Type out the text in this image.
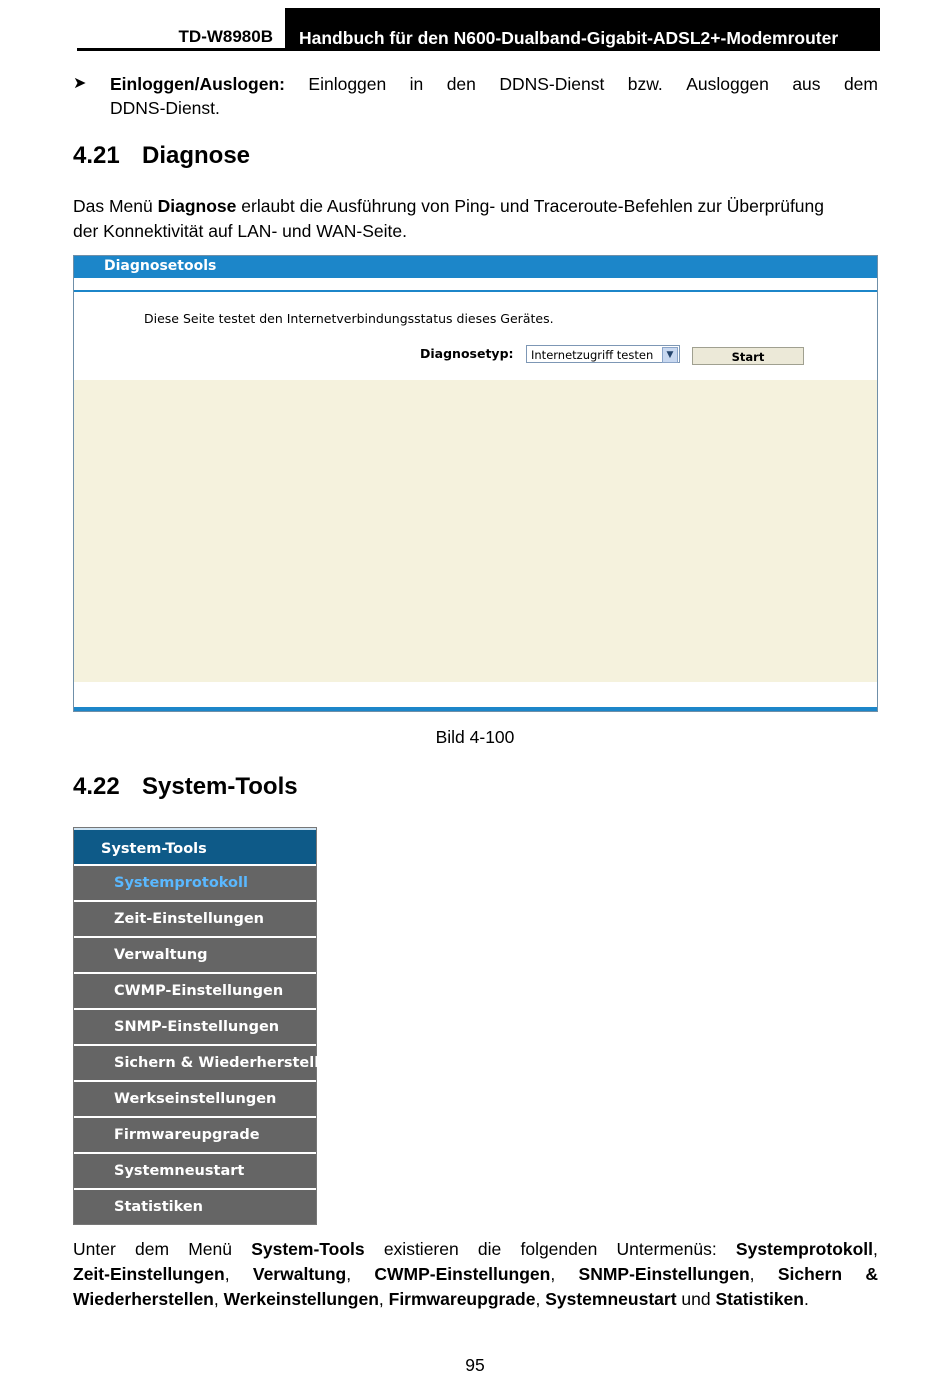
TD-W8980B Handbuch für den N600-Dualband-Gigabit-ADSL2+-Modemrouter
➤ Einloggen/Auslogen: Einloggen in den DDNS-Dienst bzw. Ausloggen aus dem
DDNS-Dienst.
4.21 Diagnose
Das Menü Diagnose erlaubt die Ausführung von Ping- und Traceroute-Befehlen zur Überprüfung
der Konnektivität auf LAN- und WAN-Seite.
Diagnosetools
Diese Seite testet den Internetverbindungsstatus dieses Gerätes.
Diagnosetyp:	Internetzugriff testen	▼	Start
Bild 4-100
4.22 System-Tools
System-Tools
Systemprotokoll
Zeit-Einstellungen
Verwaltung
CWMP-Einstellungen
SNMP-Einstellungen
Sichern & Wiederherstellen
Werkseinstellungen
Firmwareupgrade
Systemneustart
Statistiken
Unter dem Menü System-Tools existieren die folgenden Untermenüs: Systemprotokoll,
Zeit-Einstellungen, Verwaltung, CWMP-Einstellungen, SNMP-Einstellungen, Sichern &
Wiederherstellen, Werkeinstellungen, Firmwareupgrade, Systemneustart und Statistiken.
95
